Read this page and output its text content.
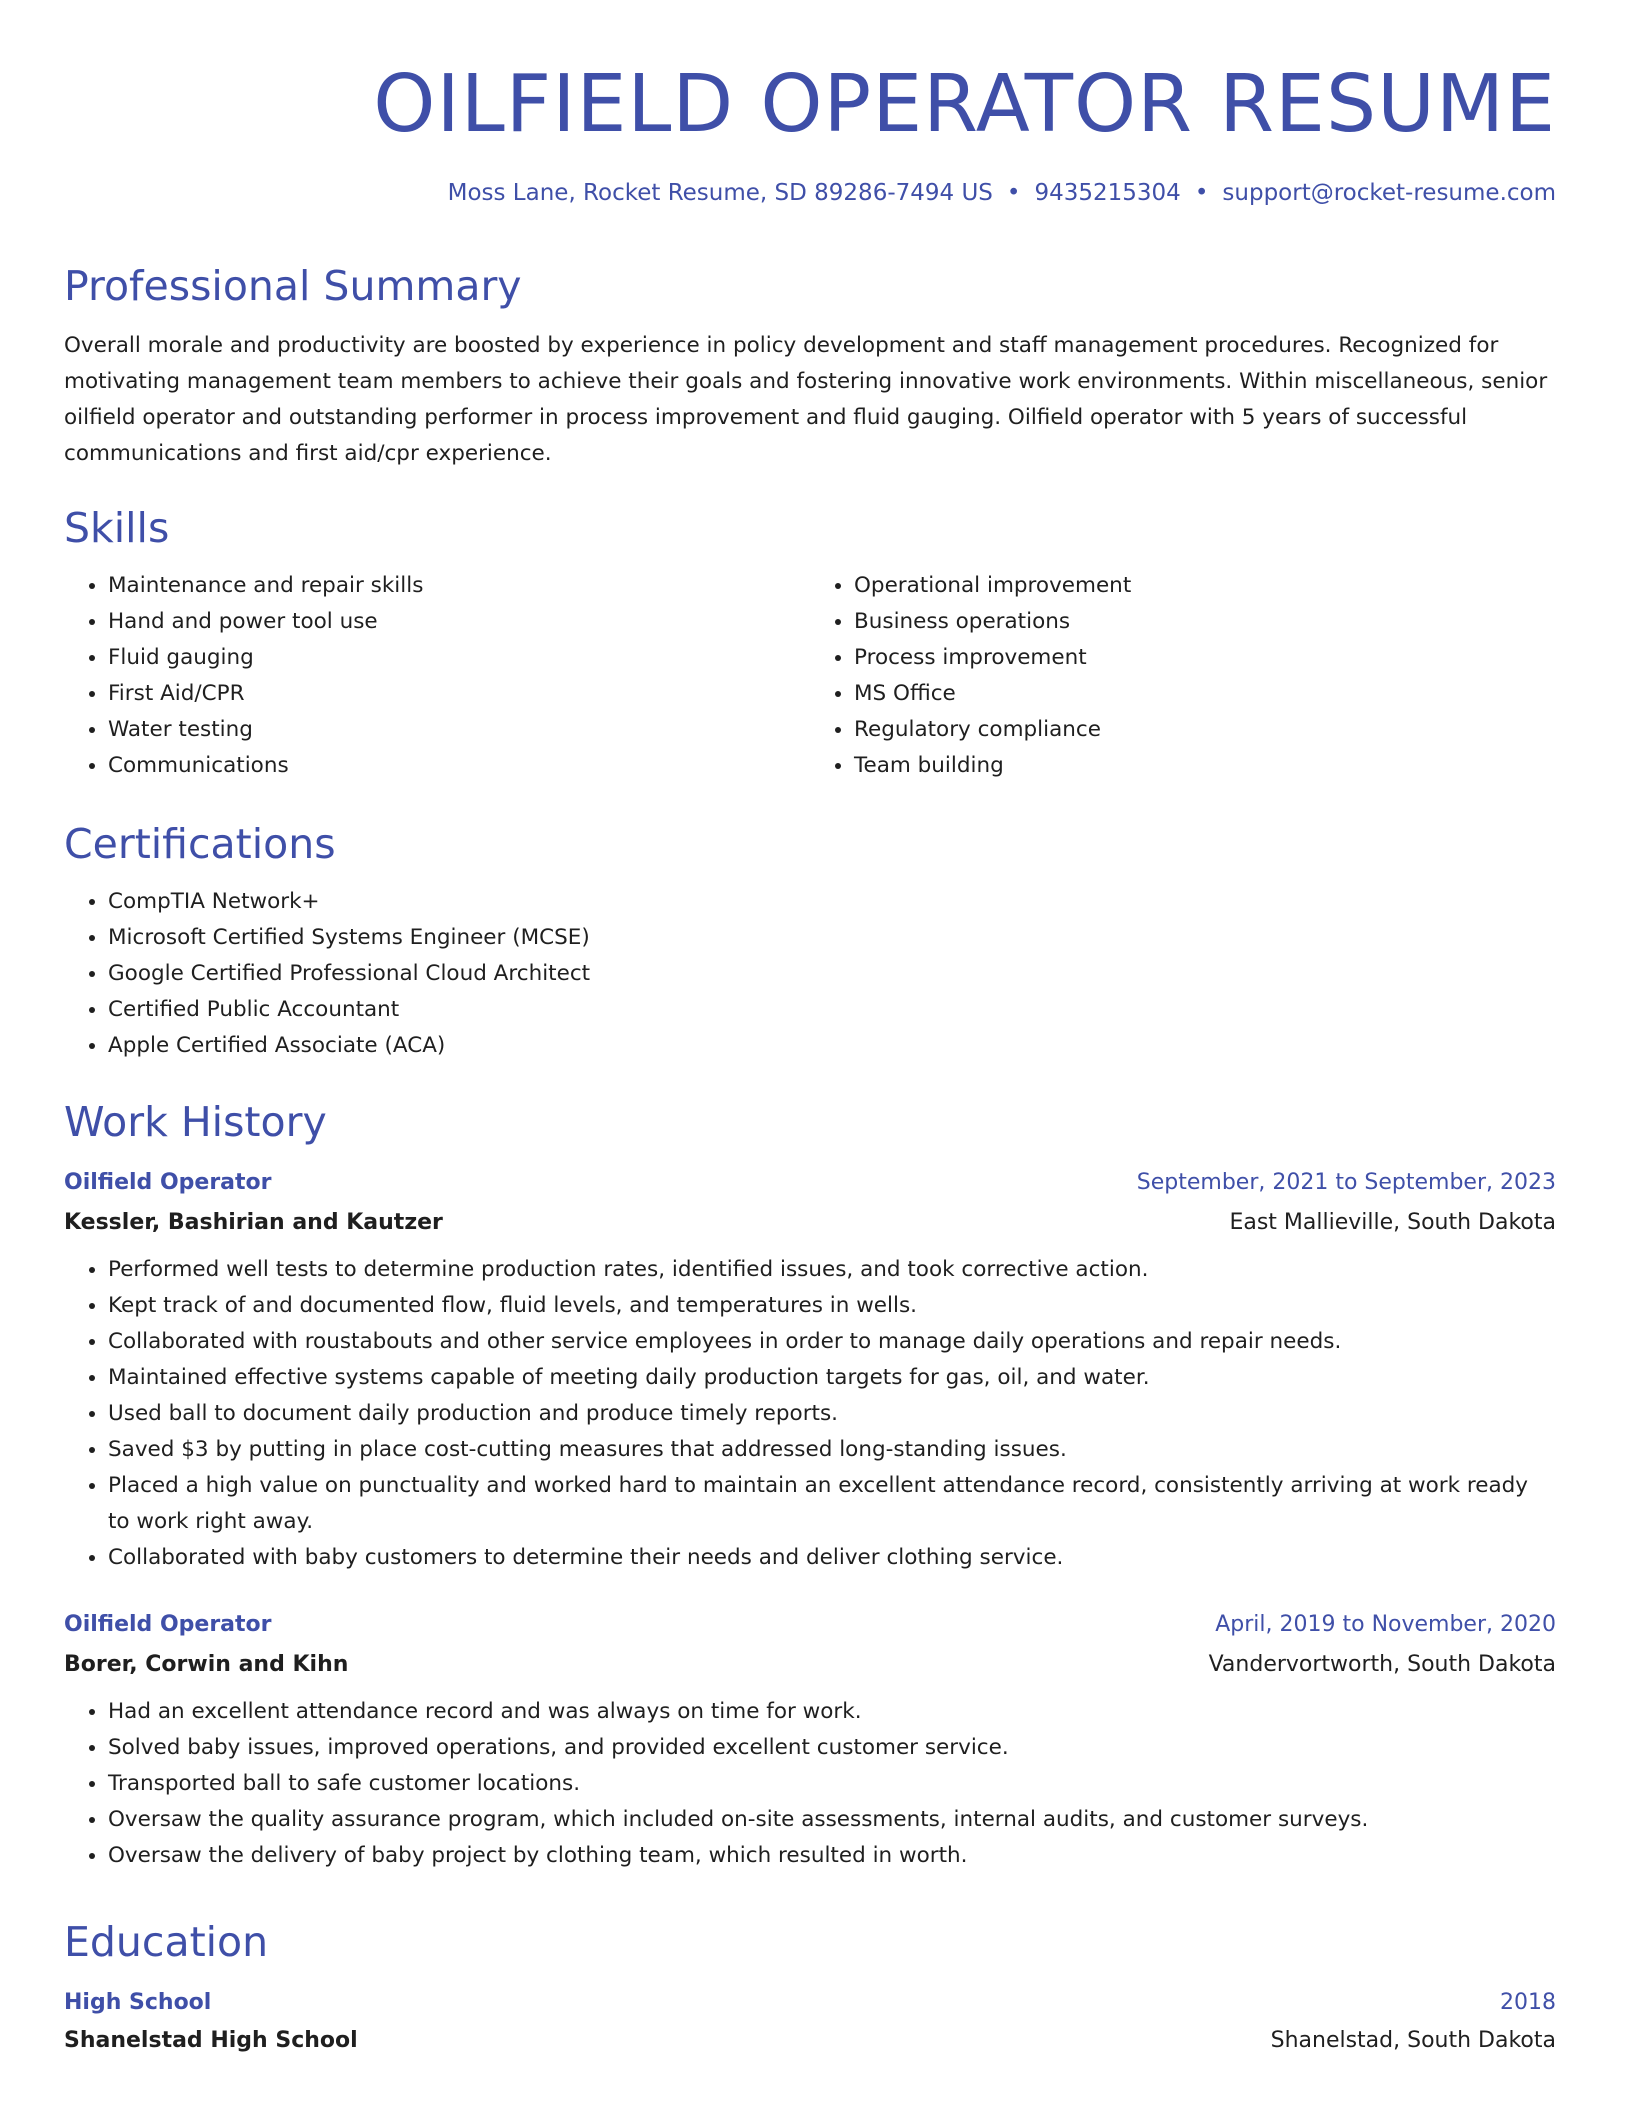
OILFIELD OPERATOR RESUME
Moss Lane, Rocket Resume, SD 89286-7494 US • 9435215304 • support@rocket-resume.com
Professional Summary

Overall morale and productivity are boosted by experience in policy development and staff management procedures. Recognized for motivating management team members to achieve their goals and fostering innovative work environments. Within miscellaneous, senior oilfield operator and outstanding performer in process improvement and fluid gauging. Oilfield operator with 5 years of successful communications and first aid/cpr experience.

Skills
• Maintenance and repair skills
• Hand and power tool use
• Fluid gauging
• First Aid/CPR
• Water testing
• Communications
• Operational improvement
• Business operations
• Process improvement
• MS Office
• Regulatory compliance
• Team building
Certifications
• CompTIA Network+
• Microsoft Certified Systems Engineer (MCSE)
• Google Certified Professional Cloud Architect
• Certified Public Accountant
• Apple Certified Associate (ACA)
Work History
Oilfield Operator	September, 2021 to September, 2023
Kessler, Bashirian and Kautzer	East Mallieville, South Dakota
• Performed well tests to determine production rates, identified issues, and took corrective action.
• Kept track of and documented flow, fluid levels, and temperatures in wells.
• Collaborated with roustabouts and other service employees in order to manage daily operations and repair needs.
• Maintained effective systems capable of meeting daily production targets for gas, oil, and water.
• Used ball to document daily production and produce timely reports.
• Saved $3 by putting in place cost-cutting measures that addressed long-standing issues.
• Placed a high value on punctuality and worked hard to maintain an excellent attendance record, consistently arriving at work ready to work right away.
• Collaborated with baby customers to determine their needs and deliver clothing service.
Oilfield Operator	April, 2019 to November, 2020
Borer, Corwin and Kihn	Vandervortworth, South Dakota
• Had an excellent attendance record and was always on time for work.
• Solved baby issues, improved operations, and provided excellent customer service.
• Transported ball to safe customer locations.
• Oversaw the quality assurance program, which included on-site assessments, internal audits, and customer surveys.
• Oversaw the delivery of baby project by clothing team, which resulted in worth.
Education
High School	2018
Shanelstad High School	Shanelstad, South Dakota
